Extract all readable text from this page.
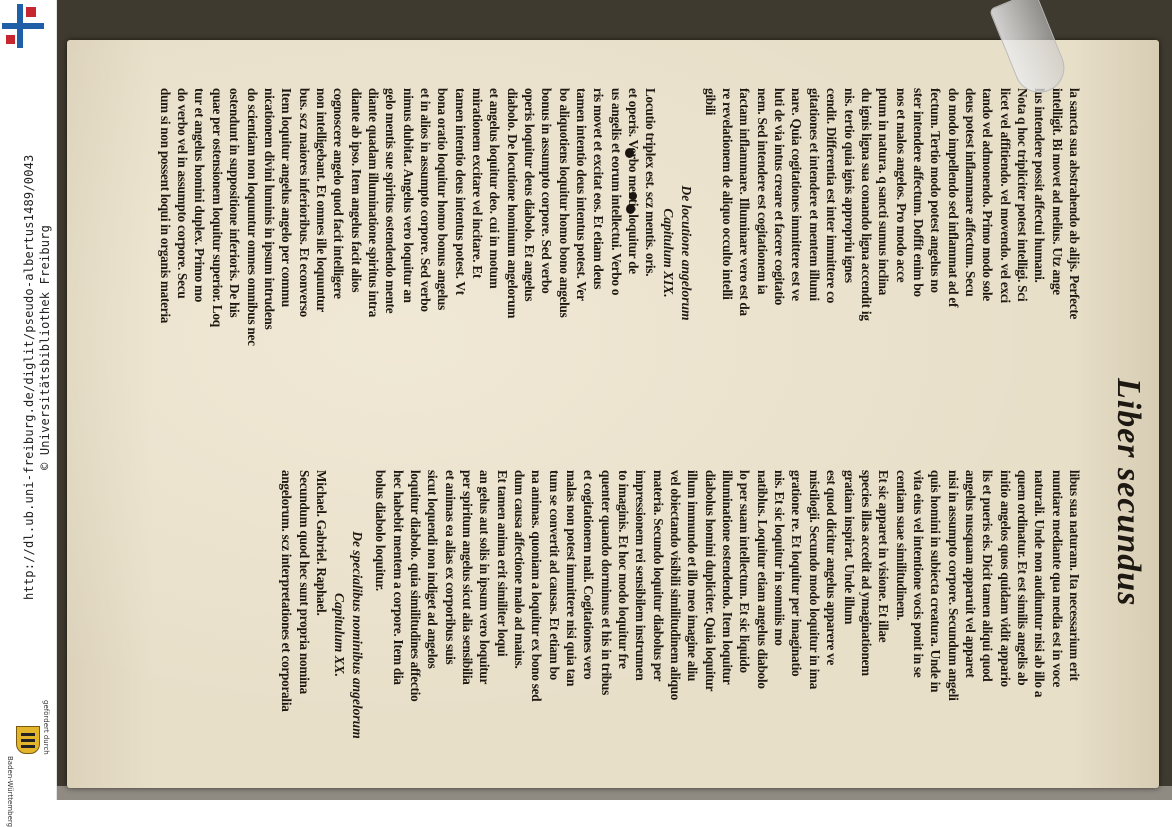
http://dl.ub.uni-freiburg.de/diglit/pseudo-albertus1489/0043 © Universitätsbibliothek Freiburg
gefördert durch
Baden-Württemberg
Liber secundus
la sancta sua abstrahendo ab alijs. Perfecte
intelligit. Bi movet ad melius. Utz ange
lus intendere possit affectui humani.
Nota q hoc tripliciter potest intelligi. Sci
licet vel affitiendo. vel movendo. vel exci
tando vel admonendo. Primo modo sole
deus potest inflammare affectum. Secu
do modo impellendo sed inflammat ad ef
fectum. Tertio modo potest angelus no
ster intendere affectum. Doffit enim bo
nos et malos angelos. Pro modo acce
ptum in natura. q sancti sumus inclina
du ignis ligna sua conando ligna accendit ig
nis. tertio quia ignis appropriu ignes
cendit. Differentia est inter immittere co
gitationes et intendere et mentem illumi
nare. Quia cogitationes immittere est ve
luti de via intus creare et facere cogitatio
nem. Sed intendere est cogitationem ia
factam inflammare. Illuminare vero est da
re revelationem de aliquo occulto intelli
gibili
De locutione angelorum
Capitulum XIX.
Locutio triplex est. scz mentis. oris.
et operis. Verbo mentis loquitur de
us angelis et eorum intellectui. Verbo o
ris movet et excitat eos. Et etiam deus
tamen intentio deus intentus potest. Ver
bo aliquotiens loquitur homo bono angelus
bonus in assumpto corpore. Sed verbo
operis loquitur deus diabolo. Et angelus
diabolo. De locutione hominum angelorum
et angelus loquitur deo. cui in motum
mirationem excitare vel incitare. Et
tamen intentio deus intentus potest. Vt
bona oratio loquitur homo bonus angelus
et in alios in assumpto corpore. Sed verbo
nimus dubitat. Angelus vero loquitur an
gelo mentis sue spiritus ostendendo mente
diante quadam illuminatione spiritus intra
diante ab ipso. Item angelus facit alios
cognoscere angelo quod facit intelligere
non intelligebant. Et omnes ille loquuntur
bus. scz maiores inferioribus. Et econverso
Item loquitur angelus angelo per commu
nicationem divini luminis in ipsum intrudens
do scientiam non loquuntur omnes omnibus nec
ostendunt in suppositione inferioris. De his
quae per ostensionem loquitur superior. Loq
tur et angelus homini duplex. Primo mo
do verbo vel in assumpto corpore. Secu
dum si non possent loqui in organis materia
libus sua naturam. Ita necessarium erit
nuntiare mediante qua media est in voce
naturali. Unde non audiuntur nisi ab illo a
quem ordinatur. Et est similis angelis ab
initio angelos quos quidam vidit appario
lis et pueris eis. Dicit tamen aliqui quod
angelus nusquam apparuit vel apparet
nisi in assumpto corpore. Secundum angeli
quis homini in subiecta creatura. Unde in
vita eius vel intentione vocis ponit in se
centiam suae similitudinem.
Et sic apparet in visione. Et illae
species illas accedit ad ymaginationem
gratiam inspirat. Unde illum
est quod dicitur angelus apparere ve
mistilogii. Secundo modo loquitur in ima
gratione re. Et loquitur per imaginatio
nis. Et sic loquitur in somniis mo
natiblus. Loquitur etiam angelus diabolo
lo per suam intellectum. Et sic liquido
illuminatione ostendendo. Item loquitur
diabolus homini dupliciter. Quia loquitur
illum immundo et illo meo imagine aliu
vel obiectando visibili similitudinem aliquo
materia. Secundo loquitur diabolus per
impressionem rei sensibilem instrumen
to imaginis. Et hoc modo loquitur fre
quenter quando dormimus et his in tribus
et cogitationem mali. Cogitationes vero
malas non potest immittere nisi quia tan
tum se convertit ad causas. Et etiam bo
na animas. quoniam a loquitur ex bono sed
dum causa affectione malo ad maius.
Et tamen anima erit similiter loqui
an gelus aut solis in ipsum vero loquitur
per spiritum angelus sicut alia sensibilia
et animas ea alias ex corporibus suis
sicut loquendi non indiget ad angelos
loquitur diabolo. quia similitudines affectio
hec habebit mentem a corpore. Item dia
bolus diabolo loquitur.
De specialibus nominibus angelorum
Capitulum XX.
Michael. Gabriel. Raphael.
Secundum quod hec sunt propria nomina
angelorum. scz interpretationes et corporalia
